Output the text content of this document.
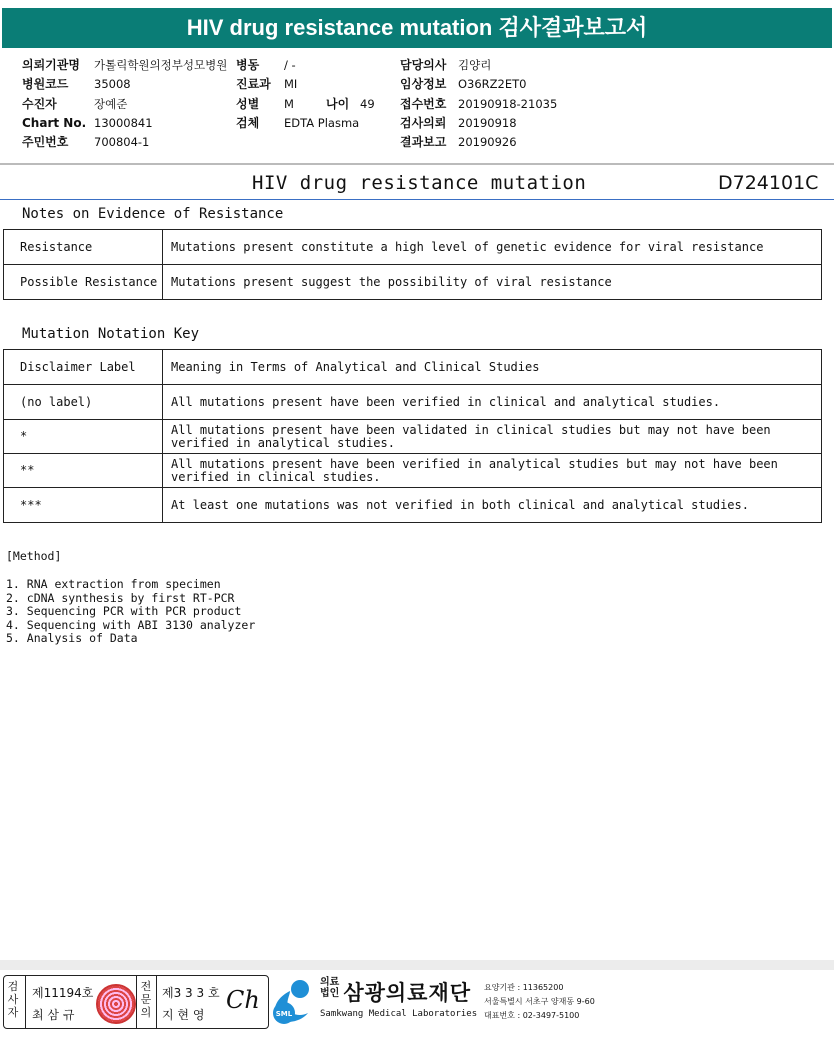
HIV drug resistance mutation 검사결과보고서
의뢰기관명 가톨릭학원의정부성모병원
병원코드 35008
수진자	장예준
Chart No. 13000841
주민번호 700804-1
병동 / -
진료과 MI
성별 M	나이 49
검체 EDTA Plasma
담당의사 김양리
임상정보 O36RZ2ET0
접수번호 20190918-21035
검사의뢰 20190918
결과보고 20190926
HIV drug resistance mutation	D724101C
Notes on Evidence of Resistance
Resistance	Mutations present constitute a high level of genetic evidence for viral resistance
Possible Resistance	Mutations present suggest the possibility of viral resistance
Mutation Notation Key
Disclaimer Label	Meaning in Terms of Analytical and Clinical Studies
(no label)	All mutations present have been verified in clinical and analytical studies.
*	All mutations present have been validated in clinical studies but may not have been verified in analytical studies.
**	All mutations present have been verified in analytical studies but may not have been verified in clinical studies.
***	At least one mutations was not verified in both clinical and analytical studies.
[Method]
1. RNA extraction from specimen
2. cDNA synthesis by first RT-PCR
3. Sequencing PCR with PCR product
4. Sequencing with ABI 3130 analyzer
5. Analysis of Data
검사자
제11194호
최 삼 규
전문의
제3 3 3 호
지 현 영
Ch SML
의료
법인 삼광의료재단
Samkwang Medical Laboratories
요양기관 : 11365200
서울특별시 서초구 양재동 9-60
대표번호 : 02-3497-5100
